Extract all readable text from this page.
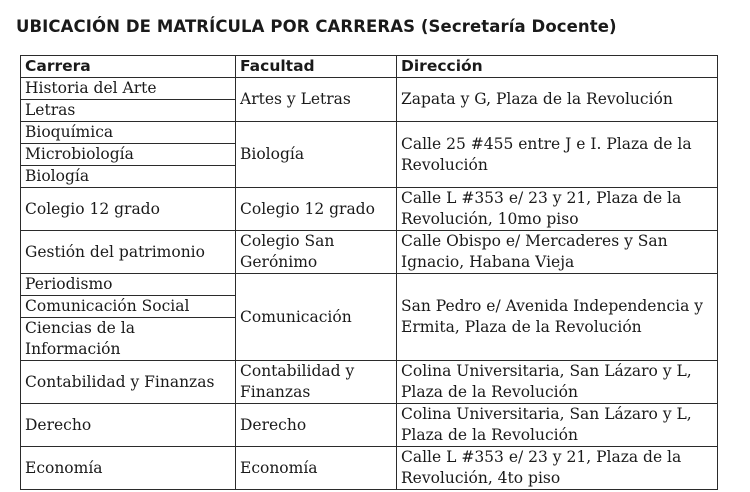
UBICACIÓN DE MATRÍCULA POR CARRERAS (Secretaría Docente)
Carrera	Facultad	Dirección
Historia del Arte	Artes y Letras	Zapata y G, Plaza de la Revolución
Letras		
Bioquímica	Biología	Calle 25 #455 entre J e I. Plaza de la Revolución
Microbiología		
Biología		
Colegio 12 grado	Colegio 12 grado	Calle L #353 e/ 23 y 21, Plaza de la Revolución, 10mo piso
Gestión del patrimonio	Colegio San Gerónimo	Calle Obispo e/ Mercaderes y San Ignacio, Habana Vieja
Periodismo	Comunicación	San Pedro e/ Avenida Independencia y Ermita, Plaza de la Revolución
Comunicación Social		
Ciencias de la Información		
Contabilidad y Finanzas	Contabilidad y Finanzas	Colina Universitaria, San Lázaro y L, Plaza de la Revolución
Derecho	Derecho	Colina Universitaria, San Lázaro y L, Plaza de la Revolución
Economía	Economía	Calle L #353 e/ 23 y 21, Plaza de la Revolución, 4to piso
